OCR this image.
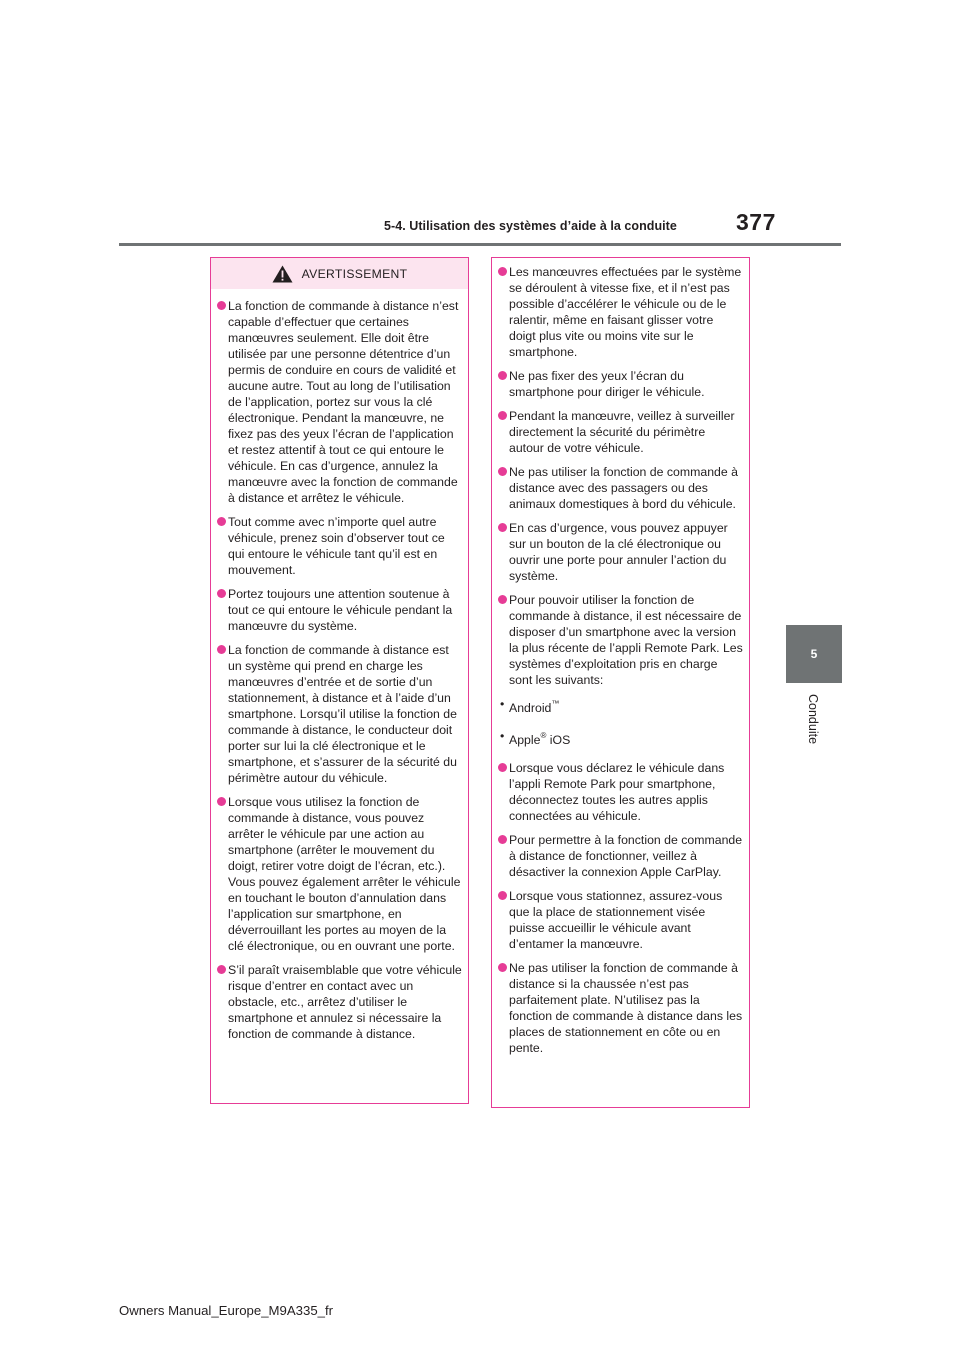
5-4. Utilisation des systèmes d’aide à la conduite	377
5
Conduite
AVERTISSEMENT
La fonction de commande à distance n’est capable d’effectuer que certaines manœuvres seulement. Elle doit être utilisée par une personne détentrice d’un permis de conduire en cours de validité et aucune autre. Tout au long de l’utilisation de l’application, portez sur vous la clé électronique. Pendant la manœuvre, ne fixez pas des yeux l’écran de l’application et restez attentif à tout ce qui entoure le véhicule. En cas d’urgence, annulez la manœuvre avec la fonction de commande à distance et arrêtez le véhicule.
Tout comme avec n’importe quel autre véhicule, prenez soin d’observer tout ce qui entoure le véhicule tant qu’il est en mouvement.
Portez toujours une attention soutenue à tout ce qui entoure le véhicule pendant la manœuvre du système.
La fonction de commande à distance est un système qui prend en charge les manœuvres d’entrée et de sortie d’un stationnement, à distance et à l’aide d’un smartphone. Lorsqu’il utilise la fonction de commande à distance, le conducteur doit porter sur lui la clé électronique et le smartphone, et s’assurer de la sécurité du périmètre autour du véhicule.
Lorsque vous utilisez la fonction de commande à distance, vous pouvez arrêter le véhicule par une action au smartphone (arrêter le mouvement du doigt, retirer votre doigt de l’écran, etc.). Vous pouvez également arrêter le véhicule en touchant le bouton d’annulation dans l’application sur smartphone, en déverrouillant les portes au moyen de la clé électronique, ou en ouvrant une porte.
S’il paraît vraisemblable que votre véhicule risque d’entrer en contact avec un obstacle, etc., arrêtez d’utiliser le smartphone et annulez si nécessaire la fonction de commande à distance.
Les manœuvres effectuées par le système se déroulent à vitesse fixe, et il n’est pas possible d’accélérer le véhicule ou de le ralentir, même en faisant glisser votre doigt plus vite ou moins vite sur le smartphone.
Ne pas fixer des yeux l’écran du smartphone pour diriger le véhicule.
Pendant la manœuvre, veillez à surveiller directement la sécurité du périmètre autour de votre véhicule.
Ne pas utiliser la fonction de commande à distance avec des passagers ou des animaux domestiques à bord du véhicule.
En cas d’urgence, vous pouvez appuyer sur un bouton de la clé électronique ou ouvrir une porte pour annuler l’action du système.
Pour pouvoir utiliser la fonction de commande à distance, il est nécessaire de disposer d’un smartphone avec la version la plus récente de l’appli Remote Park. Les systèmes d’exploitation pris en charge sont les suivants:
• Android™
• Apple® iOS
Lorsque vous déclarez le véhicule dans l’appli Remote Park pour smartphone, déconnectez toutes les autres applis connectées au véhicule.
Pour permettre à la fonction de commande à distance de fonctionner, veillez à désactiver la connexion Apple CarPlay.
Lorsque vous stationnez, assurez-vous que la place de stationnement visée puisse accueillir le véhicule avant d’entamer la manœuvre.
Ne pas utiliser la fonction de commande à distance si la chaussée n’est pas parfaitement plate. N’utilisez pas la fonction de commande à distance dans les places de stationnement en côte ou en pente.
Owners Manual_Europe_M9A335_fr
